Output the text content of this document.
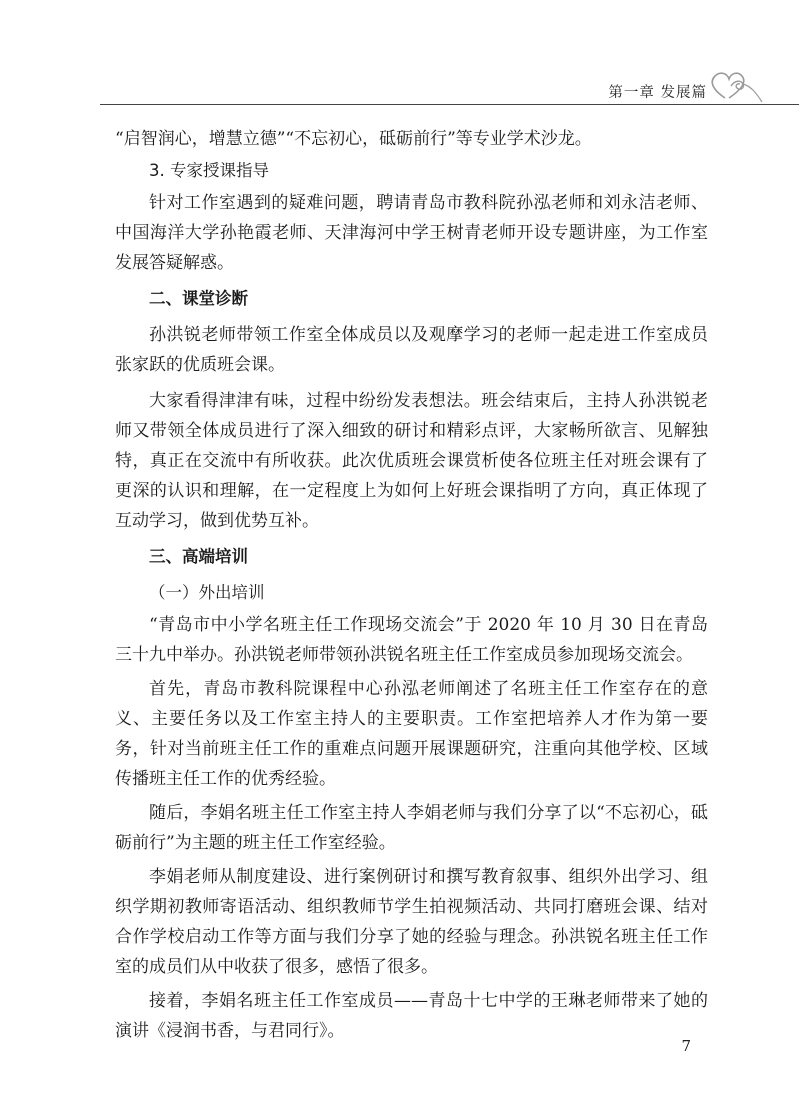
第一章 发展篇

“启智润心，增慧立德”“不忘初心，砥砺前行”等专业学术沙龙。

3. 专家授课指导

针对工作室遇到的疑难问题，聘请青岛市教科院孙泓老师和刘永洁老师、中国海洋大学孙艳霞老师、天津海河中学王树青老师开设专题讲座，为工作室发展答疑解惑。

二、课堂诊断

孙洪锐老师带领工作室全体成员以及观摩学习的老师一起走进工作室成员张家跃的优质班会课。

大家看得津津有味，过程中纷纷发表想法。班会结束后，主持人孙洪锐老师又带领全体成员进行了深入细致的研讨和精彩点评，大家畅所欲言、见解独特，真正在交流中有所收获。此次优质班会课赏析使各位班主任对班会课有了更深的认识和理解，在一定程度上为如何上好班会课指明了方向，真正体现了互动学习，做到优势互补。

三、高端培训
（一）外出培训

“青岛市中小学名班主任工作现场交流会”于 2020 年 10 月 30 日在青岛三十九中举办。孙洪锐老师带领孙洪锐名班主任工作室成员参加现场交流会。

首先，青岛市教科院课程中心孙泓老师阐述了名班主任工作室存在的意义、主要任务以及工作室主持人的主要职责。工作室把培养人才作为第一要务，针对当前班主任工作的重难点问题开展课题研究，注重向其他学校、区域传播班主任工作的优秀经验。

随后，李娟名班主任工作室主持人李娟老师与我们分享了以“不忘初心，砥砺前行”为主题的班主任工作室经验。

李娟老师从制度建设、进行案例研讨和撰写教育叙事、组织外出学习、组织学期初教师寄语活动、组织教师节学生拍视频活动、共同打磨班会课、结对合作学校启动工作等方面与我们分享了她的经验与理念。孙洪锐名班主任工作室的成员们从中收获了很多，感悟了很多。

接着，李娟名班主任工作室成员——青岛十七中学的王琳老师带来了她的演讲《浸润书香，与君同行》。

7
